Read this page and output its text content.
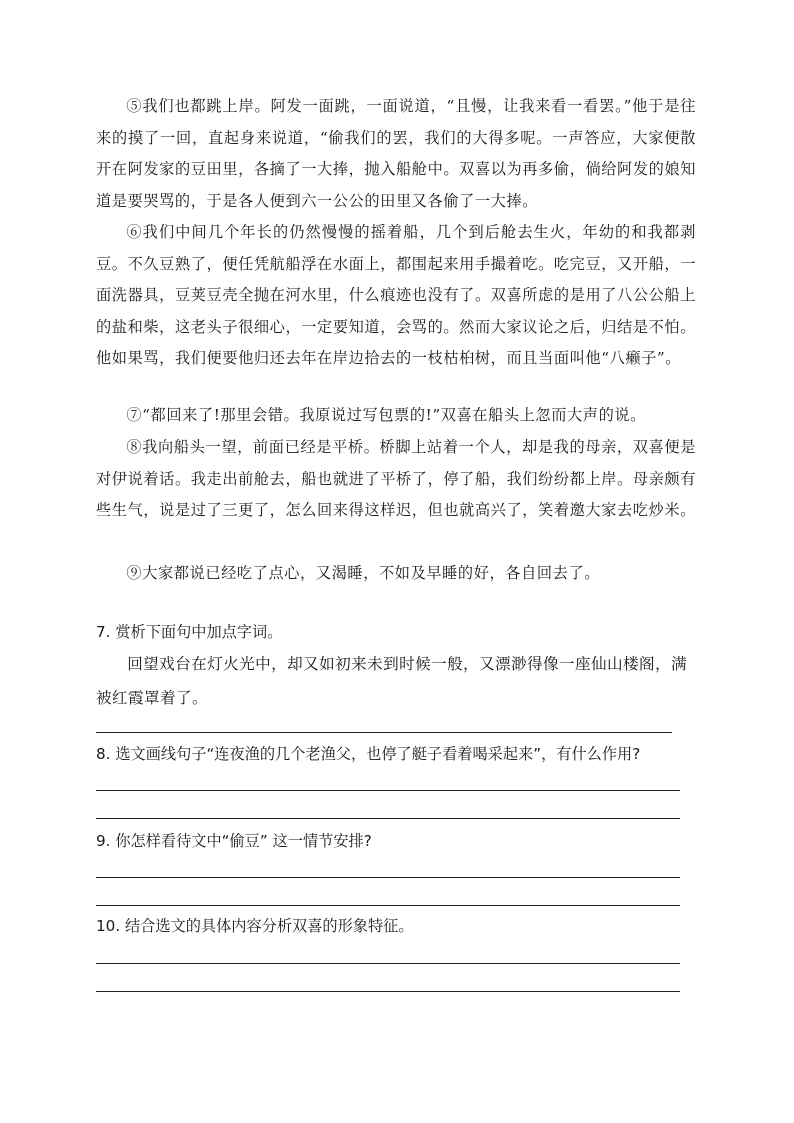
⑤我们也都跳上岸。阿发一面跳，一面说道，“且慢，让我来看一看罢。”他于是往来的摸了一回，直起身来说道，“偷我们的罢，我们的大得多呢。一声答应，大家便散开在阿发家的豆田里，各摘了一大捧，抛入船舱中。双喜以为再多偷，倘给阿发的娘知道是要哭骂的，于是各人便到六一公公的田里又各偷了一大捧。

⑥我们中间几个年长的仍然慢慢的摇着船，几个到后舱去生火，年幼的和我都剥豆。不久豆熟了，便任凭航船浮在水面上，都围起来用手撮着吃。吃完豆，又开船，一面洗器具，豆荚豆壳全抛在河水里，什么痕迹也没有了。双喜所虑的是用了八公公船上的盐和柴，这老头子很细心，一定要知道，会骂的。然而大家议论之后，归结是不怕。他如果骂，我们便要他归还去年在岸边拾去的一枝枯桕树，而且当面叫他“八癞子”。

⑦“都回来了!那里会错。我原说过写包票的!”双喜在船头上忽而大声的说。

⑧我向船头一望，前面已经是平桥。桥脚上站着一个人，却是我的母亲，双喜便是对伊说着话。我走出前舱去，船也就进了平桥了，停了船，我们纷纷都上岸。母亲颇有些生气，说是过了三更了，怎么回来得这样迟，但也就高兴了，笑着邀大家去吃炒米。

⑨大家都说已经吃了点心，又渴睡，不如及早睡的好，各自回去了。

7. 赏析下面句中加点字词。

回望戏台在灯火光中，却又如初来未到时候一般，又漂渺得像一座仙山楼阁，满被红霞罩着了。

8. 选文画线句子“连夜渔的几个老渔父，也停了艇子看着喝采起来”，有什么作用?

9. 你怎样看待文中“偷豆” 这一情节安排?

10. 结合选文的具体内容分析双喜的形象特征。
